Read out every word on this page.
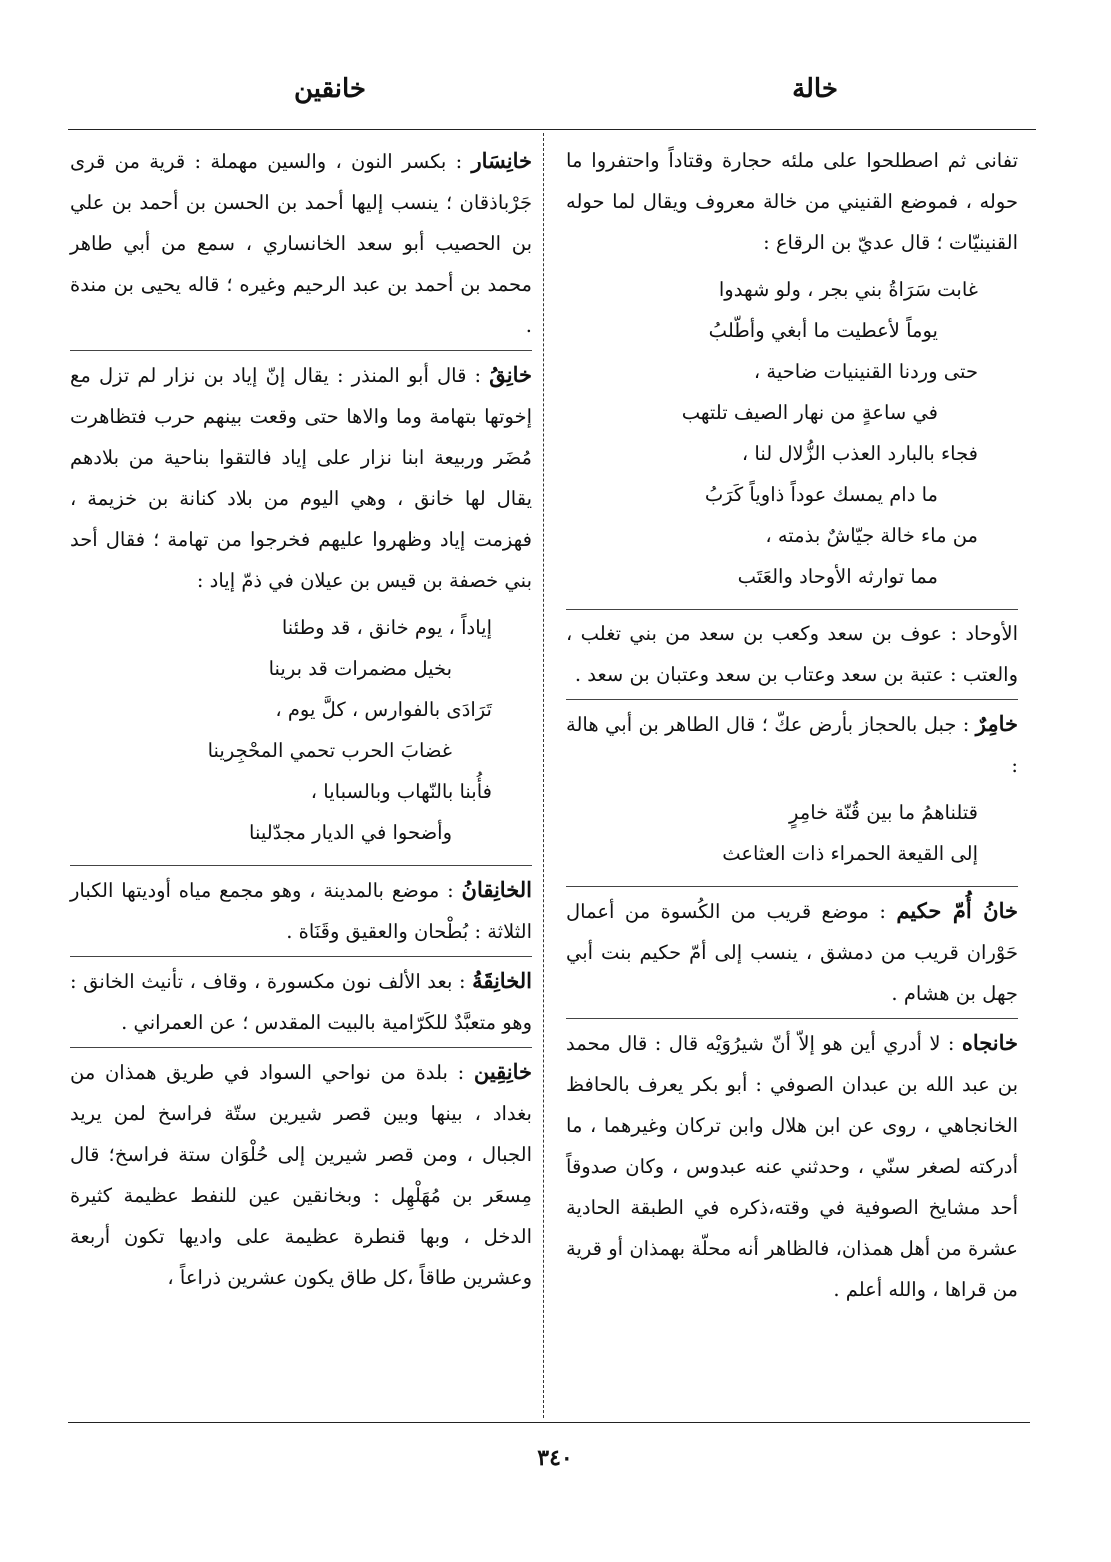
خالة
خانقين

تفانى ثم اصطلحوا على ملئه حجارة وقتاداً واحتفروا ما حوله ، فموضع القنيني من خالة معروف ويقال لما حوله القنينيّات ؛ قال عديّ بن الرقاع :

غابت سَرَاةُ بني بجر ، ولو شهدوا
يوماً لأعطيت ما أبغي وأطّلبُ
حتى وردنا القنينيات ضاحية ،
في ساعةٍ من نهار الصيف تلتهب
فجاء بالبارد العذب الزُّلال لنا ،
ما دام يمسك عوداً ذاوياً كَرَبُ
من ماء خالة جيّاشٌ بذمته ،
مما توارثه الأوحاد والعَتَب

الأوحاد : عوف بن سعد وكعب بن سعد من بني تغلب ، والعتب : عتبة بن سعد وعتاب بن سعد وعتبان بن سعد .

خامِرٌ : جبل بالحجاز بأرض عكّ ؛ قال الطاهر بن أبي هالة :

قتلناهمُ ما بين قُنّة خامِرٍ
إلى القيعة الحمراء ذات العثاعث

خانُ أُمّ حكيم : موضع قريب من الكُسوة من أعمال حَوْران قريب من دمشق ، ينسب إلى أمّ حكيم بنت أبي جهل بن هشام .

خانجاه : لا أدري أين هو إلاّ أنّ شيرُوَيْه قال : قال محمد بن عبد الله بن عبدان الصوفي : أبو بكر يعرف بالحافظ الخانجاهي ، روى عن ابن هلال وابن تركان وغيرهما ، ما أدركته لصغر سنّي ، وحدثني عنه عبدوس ، وكان صدوقاً أحد مشايخ الصوفية في وقته،ذكره في الطبقة الحادية عشرة من أهل همذان، فالظاهر أنه محلّة بهمذان أو قرية من قراها ، والله أعلم .

خانِسَار : بكسر النون ، والسين مهملة : قرية من قرى جَرْباذقان ؛ ينسب إليها أحمد بن الحسن بن أحمد بن علي بن الحصيب أبو سعد الخانساري ، سمع من أبي طاهر محمد بن أحمد بن عبد الرحيم وغيره ؛ قاله يحيى بن مندة .

خانِقُ : قال أبو المنذر : يقال إنّ إياد بن نزار لم تزل مع إخوتها بتهامة وما والاها حتى وقعت بينهم حرب فتظاهرت مُضَر وربيعة ابنا نزار على إياد فالتقوا بناحية من بلادهم يقال لها خانق ، وهي اليوم من بلاد كنانة بن خزيمة ، فهزمت إياد وظهروا عليهم فخرجوا من تهامة ؛ فقال أحد بني خصفة بن قيس بن عيلان في ذمّ إياد :

إياداً ، يوم خانق ، قد وطئنا
بخيل مضمرات قد برينا
تَرَادَى بالفوارس ، كلَّ يوم ،
غضابَ الحرب تحمي المحْجِرينا
فأُبنا بالنّهاب وبالسبايا ،
وأضحوا في الديار مجدّلينا

الخانِقانُ : موضع بالمدينة ، وهو مجمع مياه أوديتها الكبار الثلاثة : بُطْحان والعقيق وقَنَاة .

الخانِقَةُ : بعد الألف نون مكسورة ، وقاف ، تأنيث الخانق : وهو متعبَّدٌ للكَرّامية بالبيت المقدس ؛ عن العمراني .

خانِقِين : بلدة من نواحي السواد في طريق همذان من بغداد ، بينها وبين قصر شيرين ستّة فراسخ لمن يريد الجبال ، ومن قصر شيرين إلى حُلْوَان ستة فراسخ؛ قال مِسعَر بن مُهَلْهِل : وبخانقين عين للنفط عظيمة كثيرة الدخل ، وبها قنطرة عظيمة على واديها تكون أربعة وعشرين طاقاً ،كل طاق يكون عشرين ذراعاً ،

٣٤٠
